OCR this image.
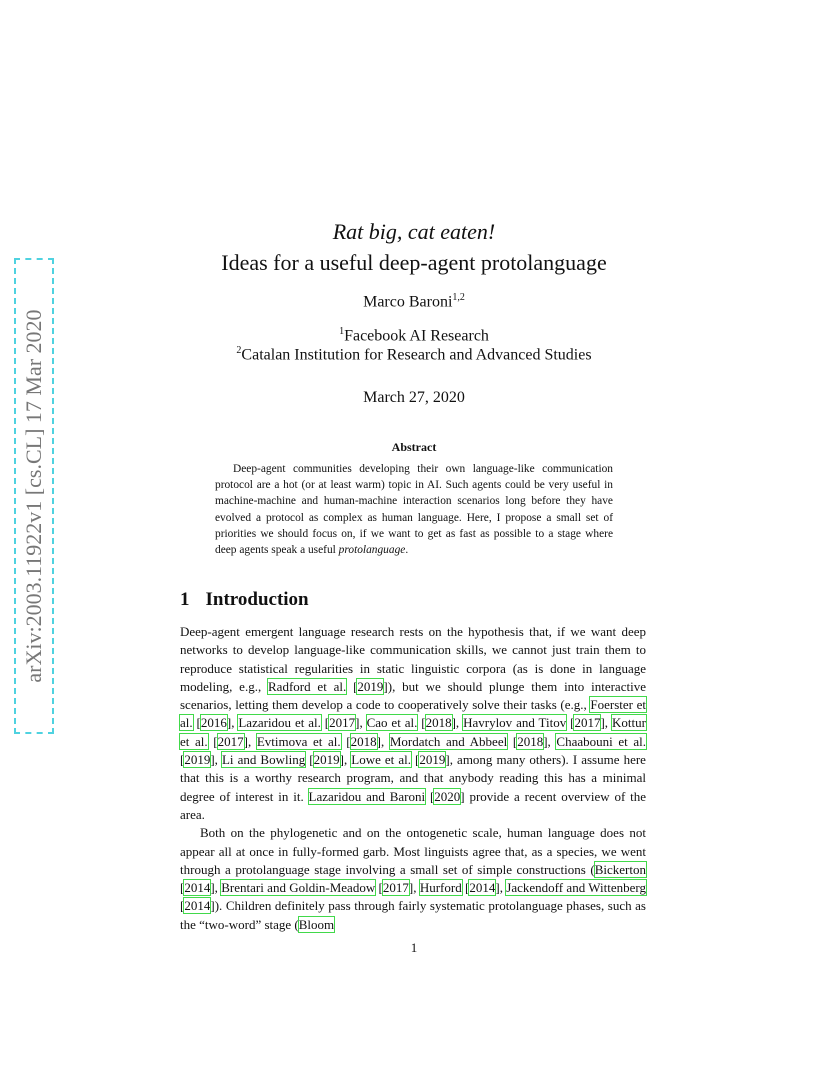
arXiv:2003.11922v1 [cs.CL] 17 Mar 2020
Rat big, cat eaten!
Ideas for a useful deep-agent protolanguage
Marco Baroni$^{1,2}$
$^1$Facebook AI Research
$^2$Catalan Institution for Research and Advanced Studies
March 27, 2020
Abstract
Deep-agent communities developing their own language-like communication protocol are a hot (or at least warm) topic in AI. Such agents could be very useful in machine-machine and human-machine interaction scenarios long before they have evolved a protocol as complex as human language. Here, I propose a small set of priorities we should focus on, if we want to get as fast as possible to a stage where deep agents speak a useful protolanguage.
1 Introduction

Deep-agent emergent language research rests on the hypothesis that, if we want deep networks to develop language-like communication skills, we cannot just train them to reproduce statistical regularities in static linguistic corpora (as is done in language modeling, e.g., Radford et al. [2019]), but we should plunge them into interactive scenarios, letting them develop a code to cooperatively solve their tasks (e.g., Foerster et al. [2016], Lazaridou et al. [2017], Cao et al. [2018], Havrylov and Titov [2017], Kottur et al. [2017], Evtimova et al. [2018], Mordatch and Abbeel [2018], Chaabouni et al. [2019], Li and Bowling [2019], Lowe et al. [2019], among many others). I assume here that this is a worthy research program, and that anybody reading this has a minimal degree of interest in it. Lazaridou and Baroni [2020] provide a recent overview of the area.

Both on the phylogenetic and on the ontogenetic scale, human language does not appear all at once in fully-formed garb. Most linguists agree that, as a species, we went through a protolanguage stage involving a small set of simple constructions (Bickerton [2014], Brentari and Goldin-Meadow [2017], Hurford [2014], Jackendoff and Wittenberg [2014]). Children definitely pass through fairly systematic protolanguage phases, such as the “two-word” stage (Bloom

1
